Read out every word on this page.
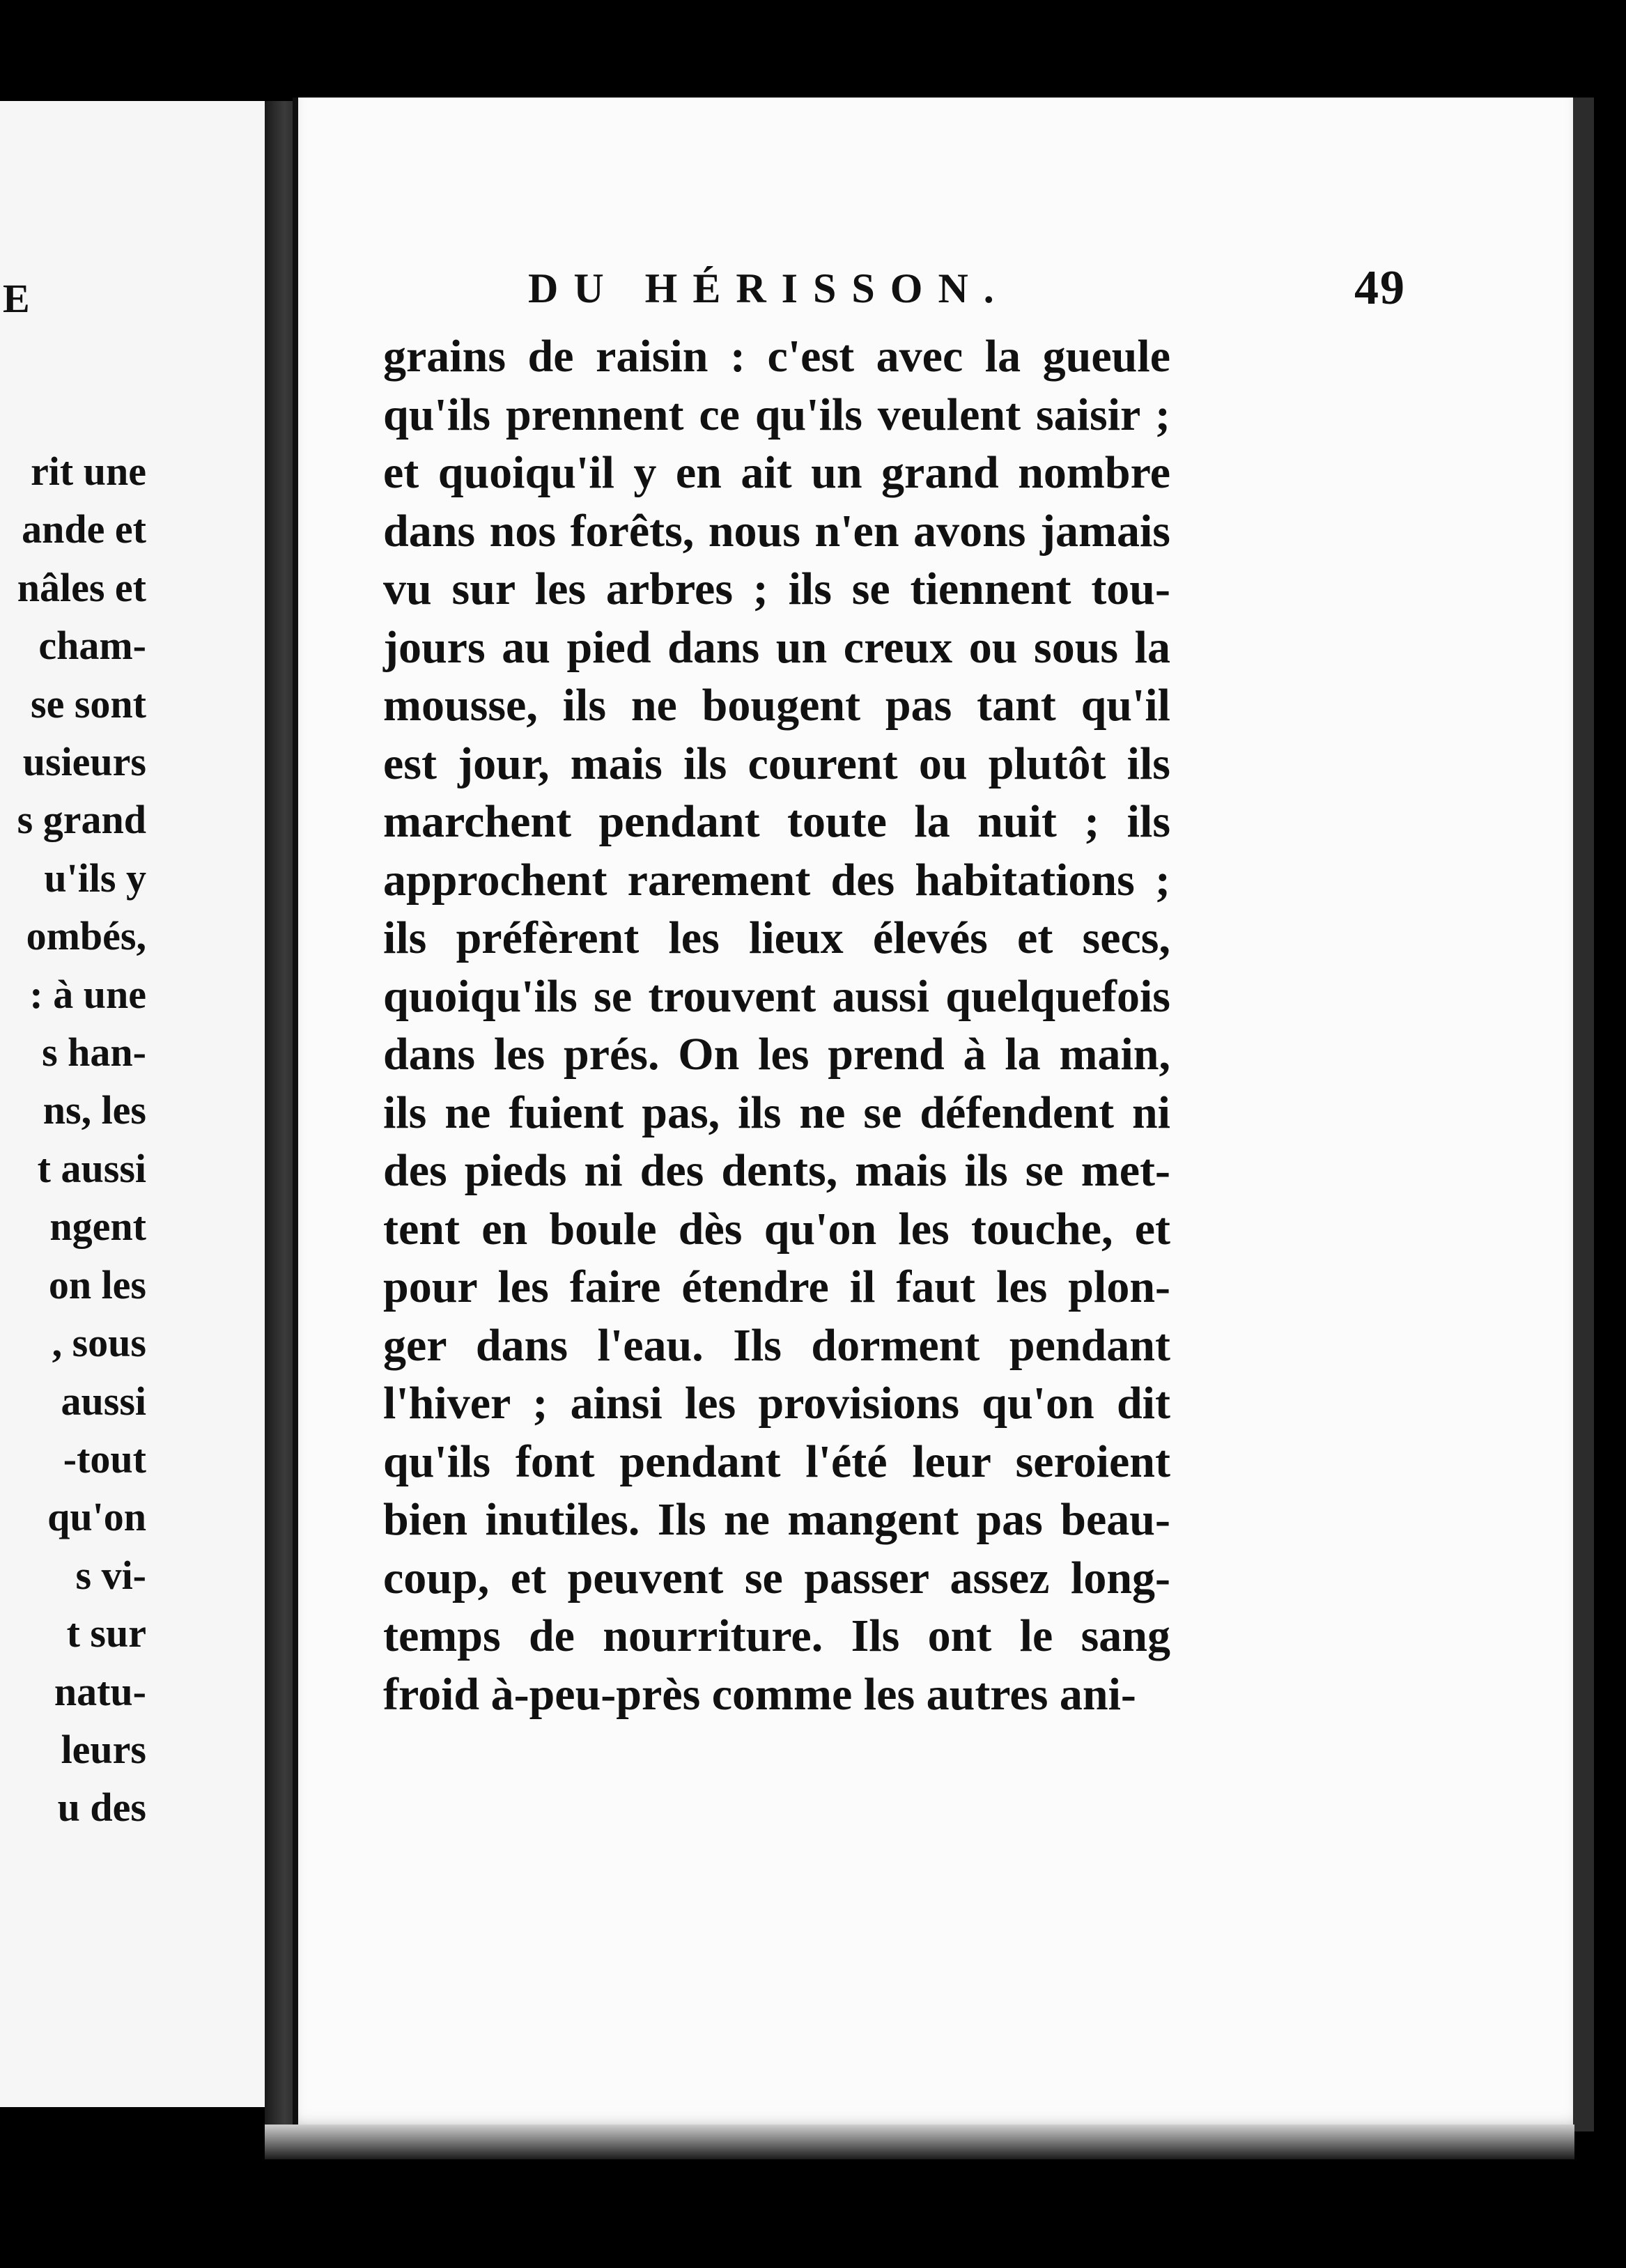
E
rit une
ande et
nâles et
cham-
se sont
usieurs
s grand
u'ils y
ombés,
: à une
s han-
ns, les
t aussi
ngent
on les
, sous
aussi
-tout
qu'on
s vi-
t sur
natu-
leurs
u des
DU HÉRISSON.	49
grains de raisin : c'est avec la gueule
qu'ils prennent ce qu'ils veulent saisir ;
et quoiqu'il y en ait un grand nombre
dans nos forêts, nous n'en avons jamais
vu sur les arbres ; ils se tiennent tou-
jours au pied dans un creux ou sous la
mousse, ils ne bougent pas tant qu'il
est jour, mais ils courent ou plutôt ils
marchent pendant toute la nuit ; ils
approchent rarement des habitations ;
ils préfèrent les lieux élevés et secs,
quoiqu'ils se trouvent aussi quelquefois
dans les prés. On les prend à la main,
ils ne fuient pas, ils ne se défendent ni
des pieds ni des dents, mais ils se met-
tent en boule dès qu'on les touche, et
pour les faire étendre il faut les plon-
ger dans l'eau. Ils dorment pendant
l'hiver ; ainsi les provisions qu'on dit
qu'ils font pendant l'été leur seroient
bien inutiles. Ils ne mangent pas beau-
coup, et peuvent se passer assez long-
temps de nourriture. Ils ont le sang
froid à-peu-près comme les autres ani-
